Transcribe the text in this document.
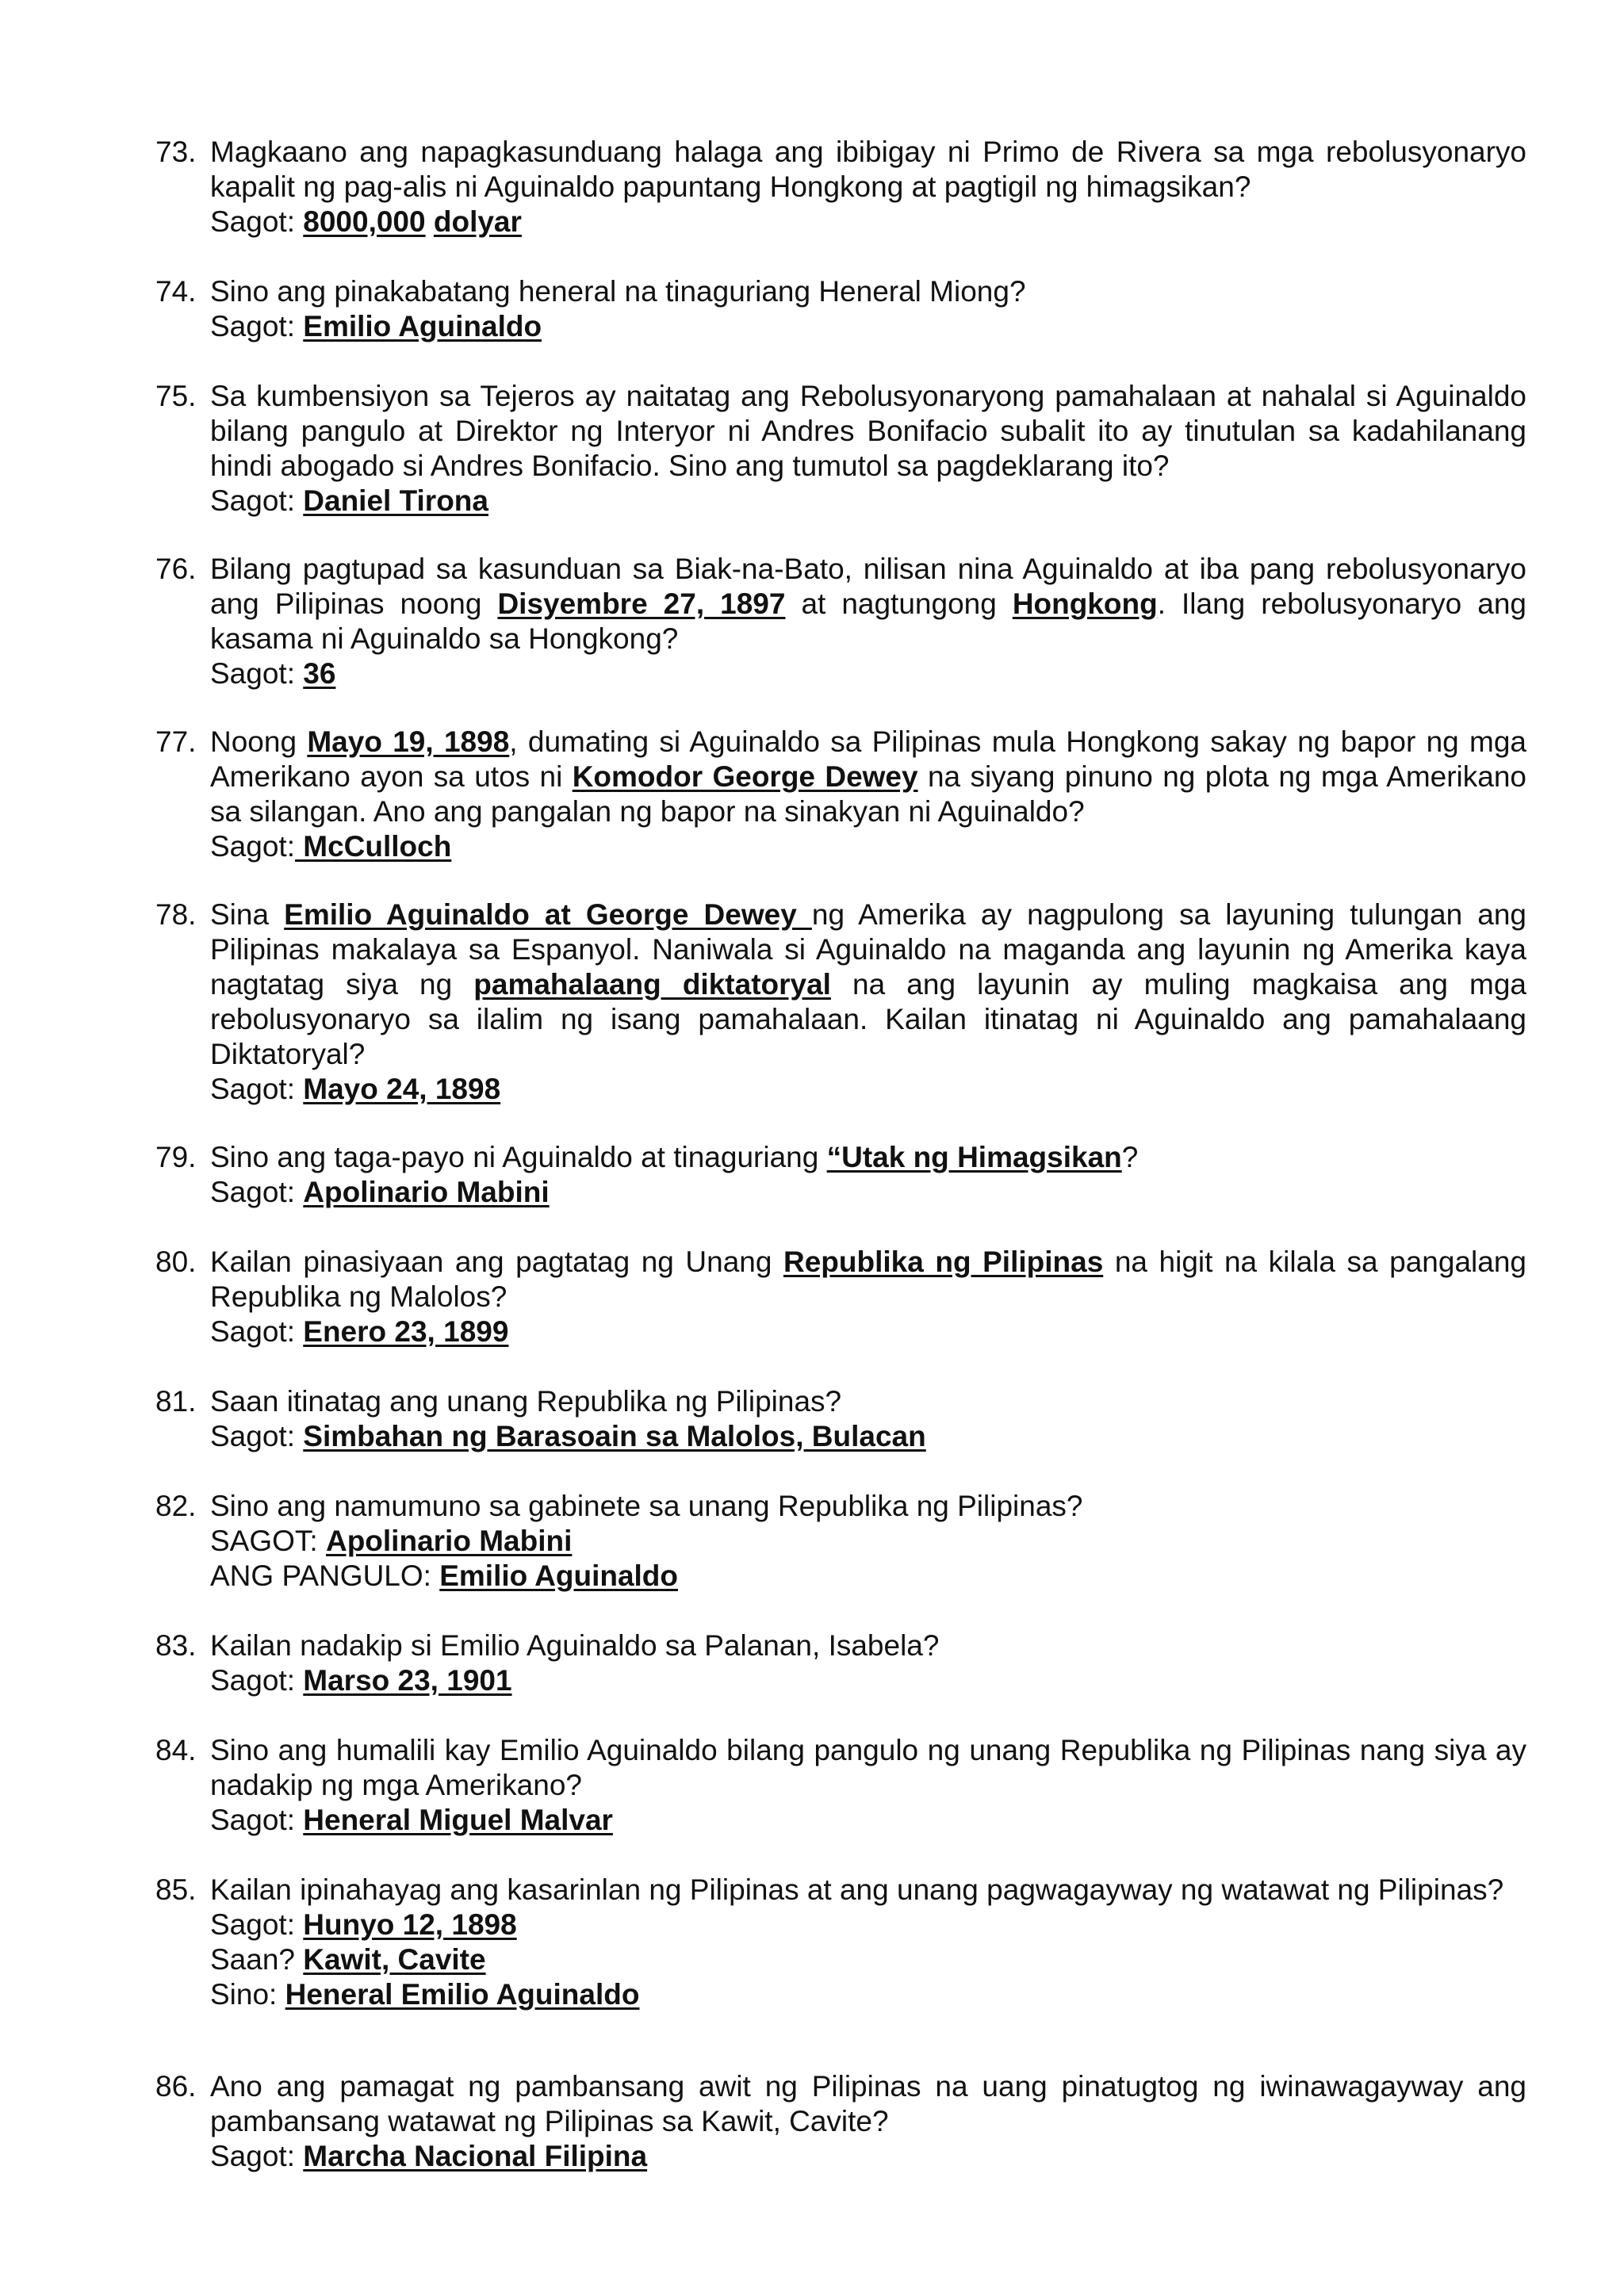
73. Magkaano ang napagkasunduang halaga ang ibibigay ni Primo de Rivera sa mga rebolusyonaryo kapalit ng pag-alis ni Aguinaldo papuntang Hongkong at pagtigil ng himagsikan?
Sagot: 8000,000 dolyar
74. Sino ang pinakabatang heneral na tinaguriang Heneral Miong?
Sagot: Emilio Aguinaldo
75. Sa kumbensiyon sa Tejeros ay naitatag ang Rebolusyonaryong pamahalaan at nahalal si Aguinaldo bilang pangulo at Direktor ng Interyor ni Andres Bonifacio subalit ito ay tinutulan sa kadahilanang hindi abogado si Andres Bonifacio. Sino ang tumutol sa pagdeklarang ito?
Sagot: Daniel Tirona
76. Bilang pagtupad sa kasunduan sa Biak-na-Bato, nilisan nina Aguinaldo at iba pang rebolusyonaryo ang Pilipinas noong Disyembre 27, 1897 at nagtungong Hongkong. Ilang rebolusyonaryo ang kasama ni Aguinaldo sa Hongkong?
Sagot: 36
77. Noong Mayo 19, 1898, dumating si Aguinaldo sa Pilipinas mula Hongkong sakay ng bapor ng mga Amerikano ayon sa utos ni Komodor George Dewey na siyang pinuno ng plota ng mga Amerikano sa silangan. Ano ang pangalan ng bapor na sinakyan ni Aguinaldo?
Sagot: McCulloch
78. Sina Emilio Aguinaldo at George Dewey ng Amerika ay nagpulong sa layuning tulungan ang Pilipinas makalaya sa Espanyol. Naniwala si Aguinaldo na maganda ang layunin ng Amerika kaya nagtatag siya ng pamahalaang diktatoryal na ang layunin ay muling magkaisa ang mga rebolusyonaryo sa ilalim ng isang pamahalaan. Kailan itinatag ni Aguinaldo ang pamahalaang Diktatoryal?
Sagot: Mayo 24, 1898
79. Sino ang taga-payo ni Aguinaldo at tinaguriang “Utak ng Himagsikan?
Sagot: Apolinario Mabini
80. Kailan pinasiyaan ang pagtatag ng Unang Republika ng Pilipinas na higit na kilala sa pangalang Republika ng Malolos?
Sagot: Enero 23, 1899
81. Saan itinatag ang unang Republika ng Pilipinas?
Sagot: Simbahan ng Barasoain sa Malolos, Bulacan
82. Sino ang namumuno sa gabinete sa unang Republika ng Pilipinas?
SAGOT: Apolinario Mabini
ANG PANGULO: Emilio Aguinaldo
83. Kailan nadakip si Emilio Aguinaldo sa Palanan, Isabela?
Sagot: Marso 23, 1901
84. Sino ang humalili kay Emilio Aguinaldo bilang pangulo ng unang Republika ng Pilipinas nang siya ay nadakip ng mga Amerikano?
Sagot: Heneral Miguel Malvar
85. Kailan ipinahayag ang kasarinlan ng Pilipinas at ang unang pagwagayway ng watawat ng Pilipinas?
Sagot: Hunyo 12, 1898
Saan? Kawit, Cavite
Sino: Heneral Emilio Aguinaldo
86. Ano ang pamagat ng pambansang awit ng Pilipinas na uang pinatugtog ng iwinawagayway ang pambansang watawat ng Pilipinas sa Kawit, Cavite?
Sagot: Marcha Nacional Filipina
